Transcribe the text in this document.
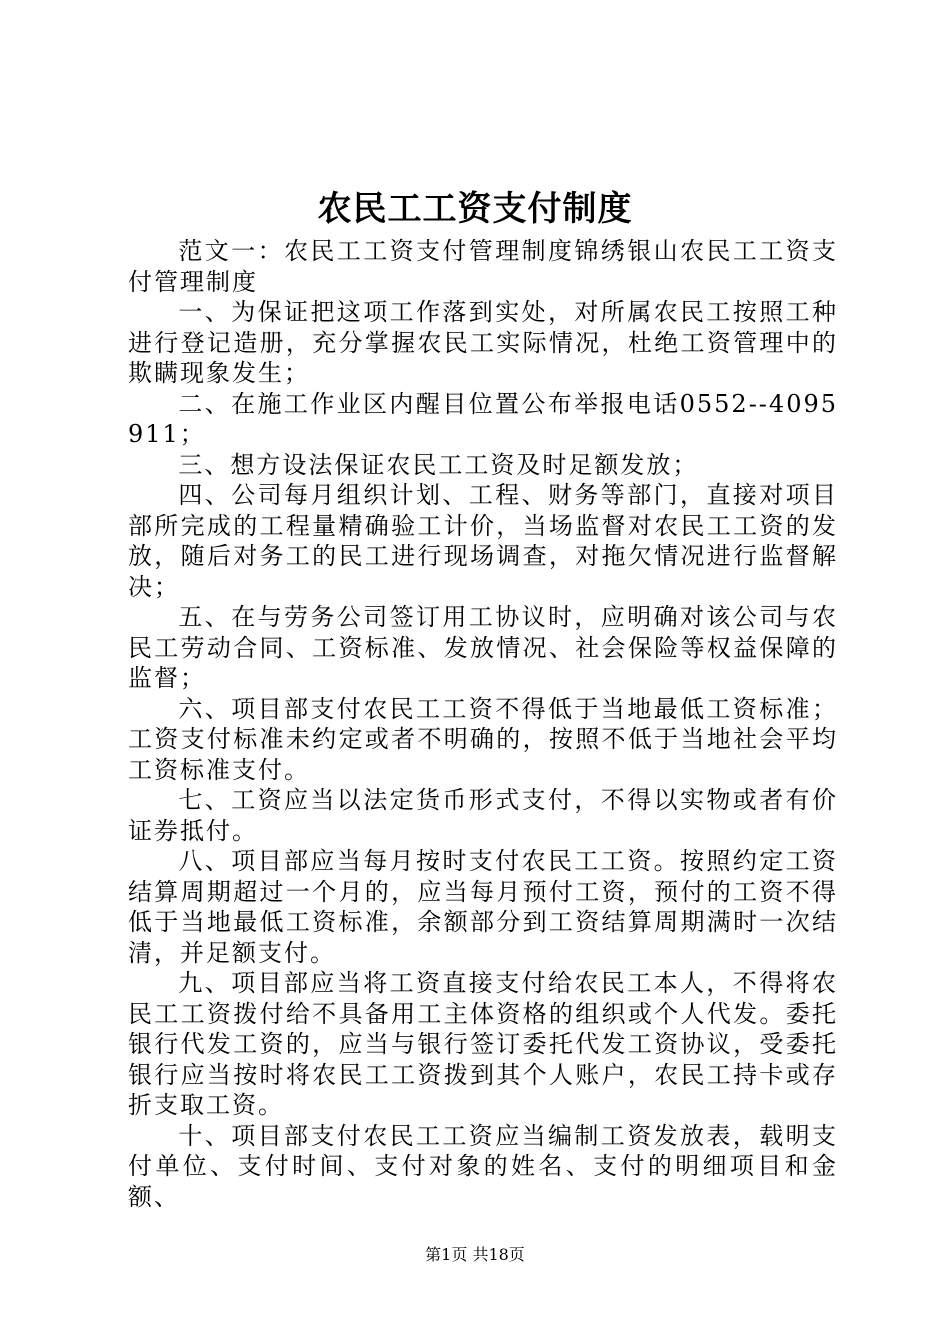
农民工工资支付制度

范文一：农民工工资支付管理制度锦绣银山农民工工资支付管理制度

一、为保证把这项工作落到实处，对所属农民工按照工种进行登记造册，充分掌握农民工实际情况，杜绝工资管理中的欺瞒现象发生；

二、在施工作业区内醒目位置公布举报电话0552--4095911；

三、想方设法保证农民工工资及时足额发放；

四、公司每月组织计划、工程、财务等部门，直接对项目部所完成的工程量精确验工计价，当场监督对农民工工资的发放，随后对务工的民工进行现场调查，对拖欠情况进行监督解决；

五、在与劳务公司签订用工协议时，应明确对该公司与农民工劳动合同、工资标准、发放情况、社会保险等权益保障的监督；

六、项目部支付农民工工资不得低于当地最低工资标准；工资支付标准未约定或者不明确的，按照不低于当地社会平均工资标准支付。

七、工资应当以法定货币形式支付，不得以实物或者有价证券抵付。

八、项目部应当每月按时支付农民工工资。按照约定工资结算周期超过一个月的，应当每月预付工资，预付的工资不得低于当地最低工资标准，余额部分到工资结算周期满时一次结清，并足额支付。

九、项目部应当将工资直接支付给农民工本人，不得将农民工工资拨付给不具备用工主体资格的组织或个人代发。委托银行代发工资的，应当与银行签订委托代发工资协议，受委托银行应当按时将农民工工资拨到其个人账户，农民工持卡或存折支取工资。

十、项目部支付农民工工资应当编制工资发放表，载明支付单位、支付时间、支付对象的姓名、支付的明细项目和金额、

第1页 共18页
